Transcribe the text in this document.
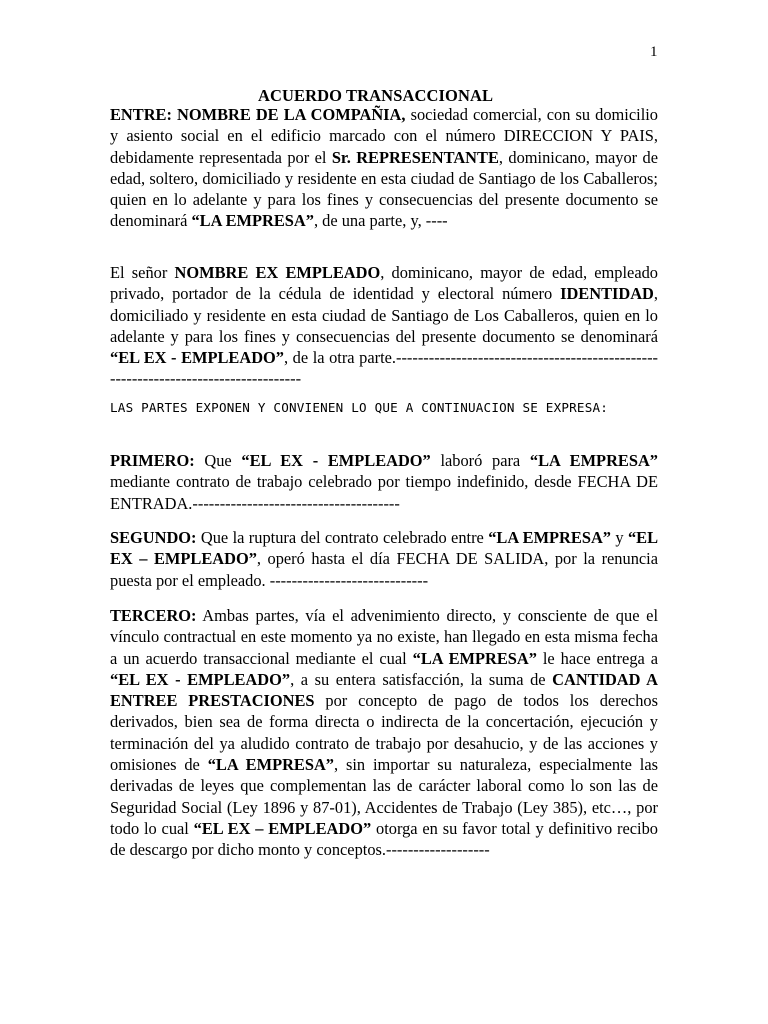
1
ACUERDO TRANSACCIONAL

ENTRE: NOMBRE DE LA COMPAÑIA, sociedad comercial, con su domicilio y asiento social en el edificio marcado con el número DIRECCION Y PAIS, debidamente representada por el Sr. REPRESENTANTE, dominicano, mayor de edad, soltero, domiciliado y residente en esta ciudad de Santiago de los Caballeros; quien en lo adelante y para los fines y consecuencias del presente documento se denominará “LA EMPRESA”, de una parte, y, ----

El señor NOMBRE EX EMPLEADO, dominicano, mayor de edad, empleado privado, portador de la cédula de identidad y electoral número IDENTIDAD, domiciliado y residente en esta ciudad de Santiago de Los Caballeros, quien en lo adelante y para los fines y consecuencias del presente documento se denominará “EL EX - EMPLEADO”, de la otra parte.-----------------------------------------------------------------------------------

LAS PARTES EXPONEN Y CONVIENEN LO QUE A CONTINUACION SE EXPRESA:

PRIMERO: Que “EL EX - EMPLEADO” laboró para “LA EMPRESA” mediante contrato de trabajo celebrado por tiempo indefinido, desde FECHA DE ENTRADA.--------------------------------------

SEGUNDO: Que la ruptura del contrato celebrado entre “LA EMPRESA” y “EL EX – EMPLEADO”, operó hasta el día FECHA DE SALIDA, por la renuncia puesta por el empleado. -----------------------------

TERCERO: Ambas partes, vía el advenimiento directo, y consciente de que el vínculo contractual en este momento ya no existe, han llegado en esta misma fecha a un acuerdo transaccional mediante el cual “LA EMPRESA” le hace entrega a “EL EX - EMPLEADO”, a su entera satisfacción, la suma de CANTIDAD A ENTREE PRESTACIONES por concepto de pago de todos los derechos derivados, bien sea de forma directa o indirecta de la concertación, ejecución y terminación del ya aludido contrato de trabajo por desahucio, y de las acciones y omisiones de “LA EMPRESA”, sin importar su naturaleza, especialmente las derivadas de leyes que complementan las de carácter laboral como lo son las de Seguridad Social (Ley 1896 y 87-01), Accidentes de Trabajo (Ley 385), etc…, por todo lo cual “EL EX – EMPLEADO” otorga en su favor total y definitivo recibo de descargo por dicho monto y conceptos.-------------------
